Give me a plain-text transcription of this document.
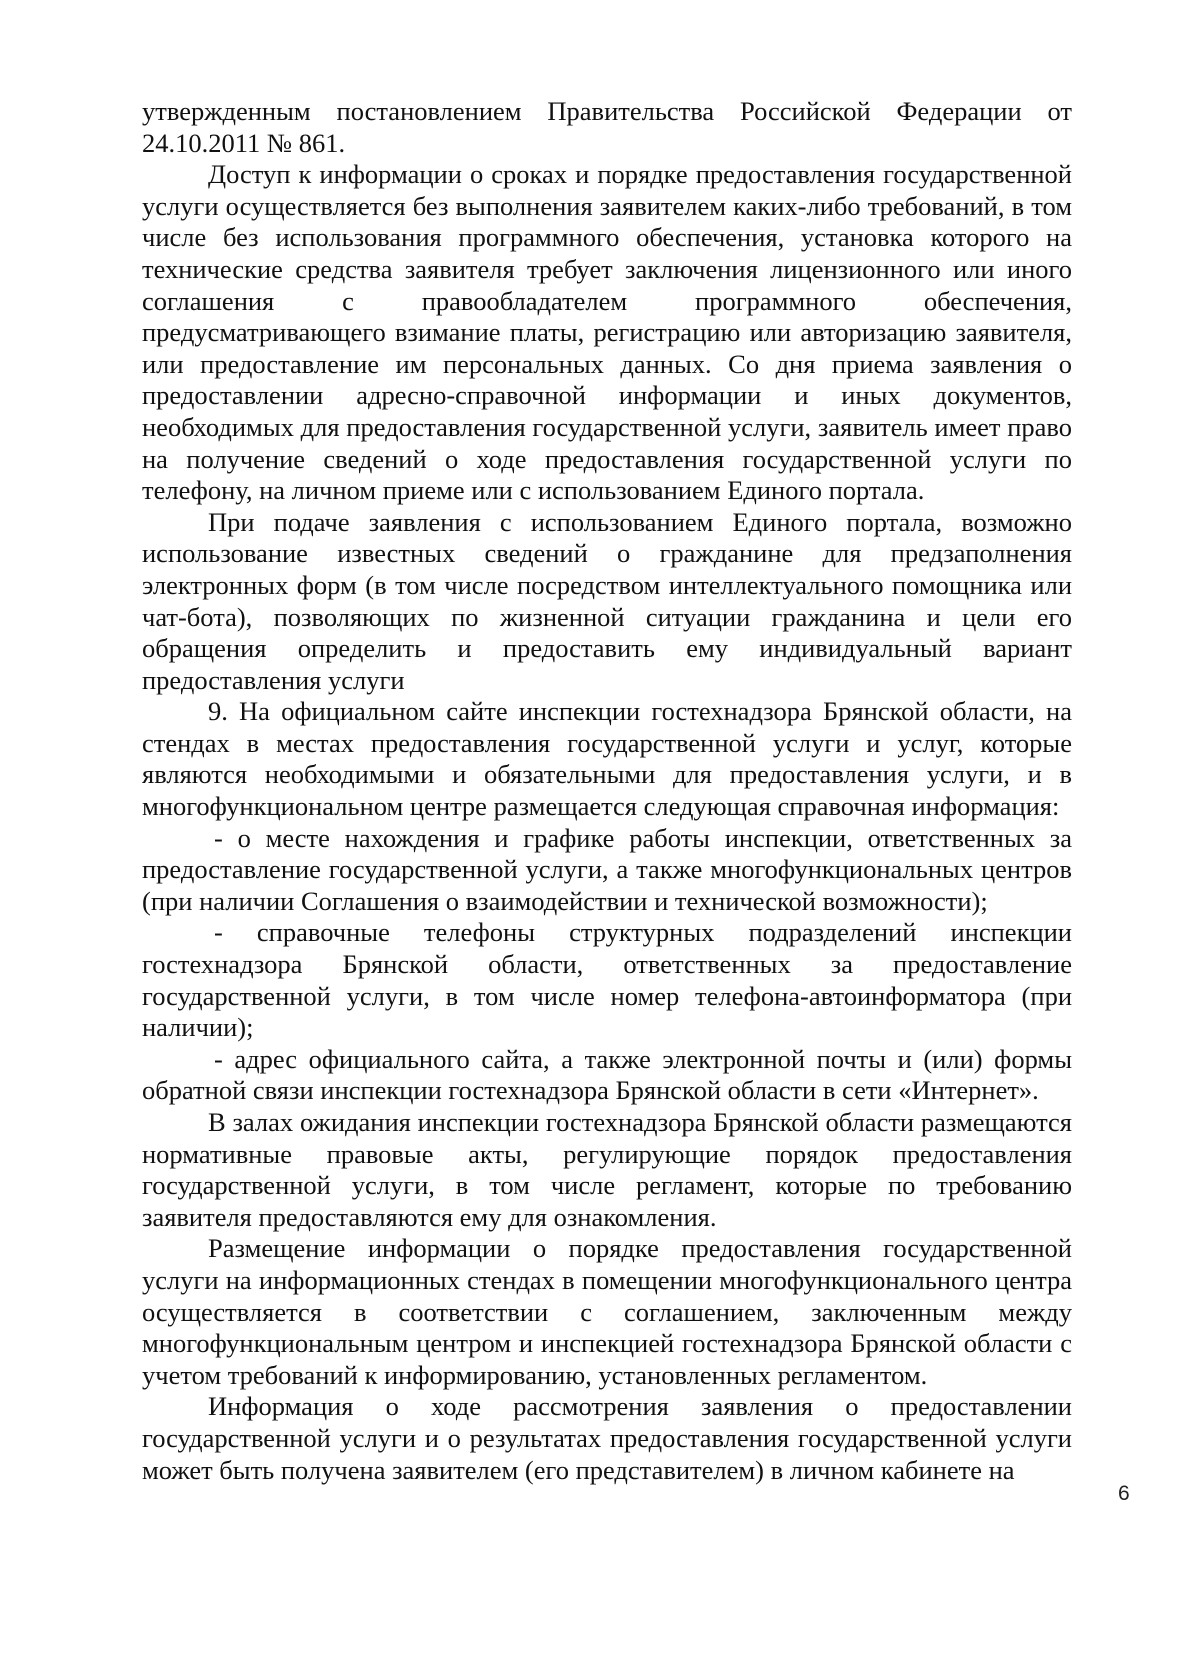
утвержденным постановлением Правительства Российской Федерации от 24.10.2011 № 861.

Доступ к информации о сроках и порядке предоставления государственной услуги осуществляется без выполнения заявителем каких-либо требований, в том числе без использования программного обеспечения, установка которого на технические средства заявителя требует заключения лицензионного или иного соглашения с правообладателем программного обеспечения, предусматривающего взимание платы, регистрацию или авторизацию заявителя, или предоставление им персональных данных. Со дня приема заявления о предоставлении адресно-справочной информации и иных документов, необходимых для предоставления государственной услуги, заявитель имеет право на получение сведений о ходе предоставления государственной услуги по телефону, на личном приеме или с использованием Единого портала.

При подаче заявления с использованием Единого портала, возможно использование известных сведений о гражданине для предзаполнения электронных форм (в том числе посредством интеллектуального помощника или чат-бота), позволяющих по жизненной ситуации гражданина и цели его обращения определить и предоставить ему индивидуальный вариант предоставления услуги

9. На официальном сайте инспекции гостехнадзора Брянской области, на стендах в местах предоставления государственной услуги и услуг, которые являются необходимыми и обязательными для предоставления услуги, и в многофункциональном центре размещается следующая справочная информация:

- о месте нахождения и графике работы инспекции, ответственных за предоставление государственной услуги, а также многофункциональных центров (при наличии Соглашения о взаимодействии и технической возможности);

- справочные телефоны структурных подразделений инспекции гостехнадзора Брянской области, ответственных за предоставление государственной услуги, в том числе номер телефона-автоинформатора (при наличии);

- адрес официального сайта, а также электронной почты и (или) формы обратной связи инспекции гостехнадзора Брянской области в сети «Интернет».

В залах ожидания инспекции гостехнадзора Брянской области размещаются нормативные правовые акты, регулирующие порядок предоставления государственной услуги, в том числе регламент, которые по требованию заявителя предоставляются ему для ознакомления.

Размещение информации о порядке предоставления государственной услуги на информационных стендах в помещении многофункционального центра осуществляется в соответствии с соглашением, заключенным между многофункциональным центром и инспекцией гостехнадзора Брянской области с учетом требований к информированию, установленных регламентом.

Информация о ходе рассмотрения заявления о предоставлении государственной услуги и о результатах предоставления государственной услуги может быть получена заявителем (его представителем) в личном кабинете на

6
